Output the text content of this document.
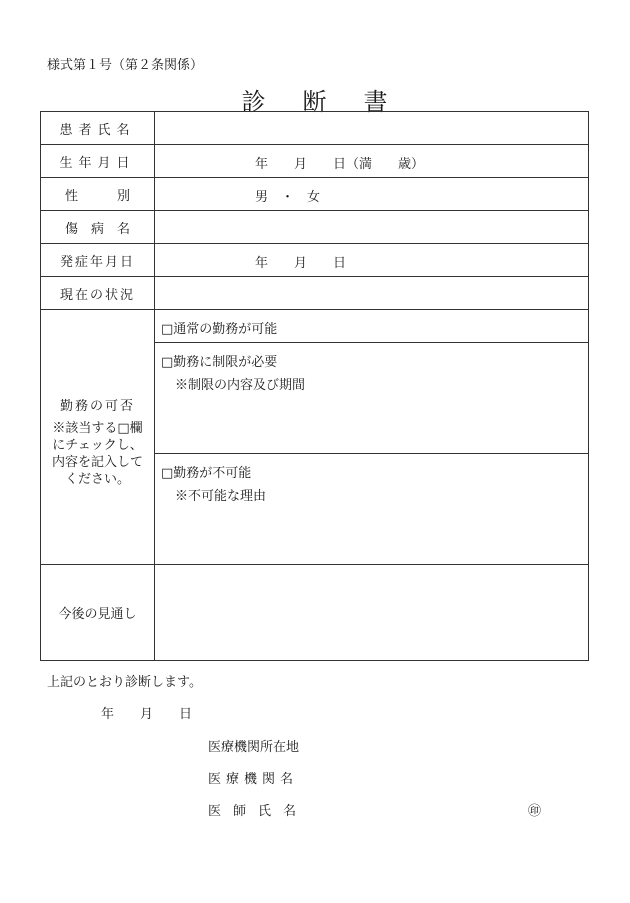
様式第１号（第２条関係）
診 断 書
患者氏名
生年月日
性　　　別
傷　病　名
発症年月日
現在の状況
勤務の可否
※該当する□欄
にチェックし、
内容を記入して
ください。
今後の見通し
年　　月　　日（満　　歳）
男　・　女
年　　月　　日
□通常の勤務が可能
□勤務に制限が必要
※制限の内容及び期間
□勤務が不可能
※不可能な理由
上記のとおり診断します。
年　　月　　日
医療機関所在地
医療機関名
医師氏名	㊞
